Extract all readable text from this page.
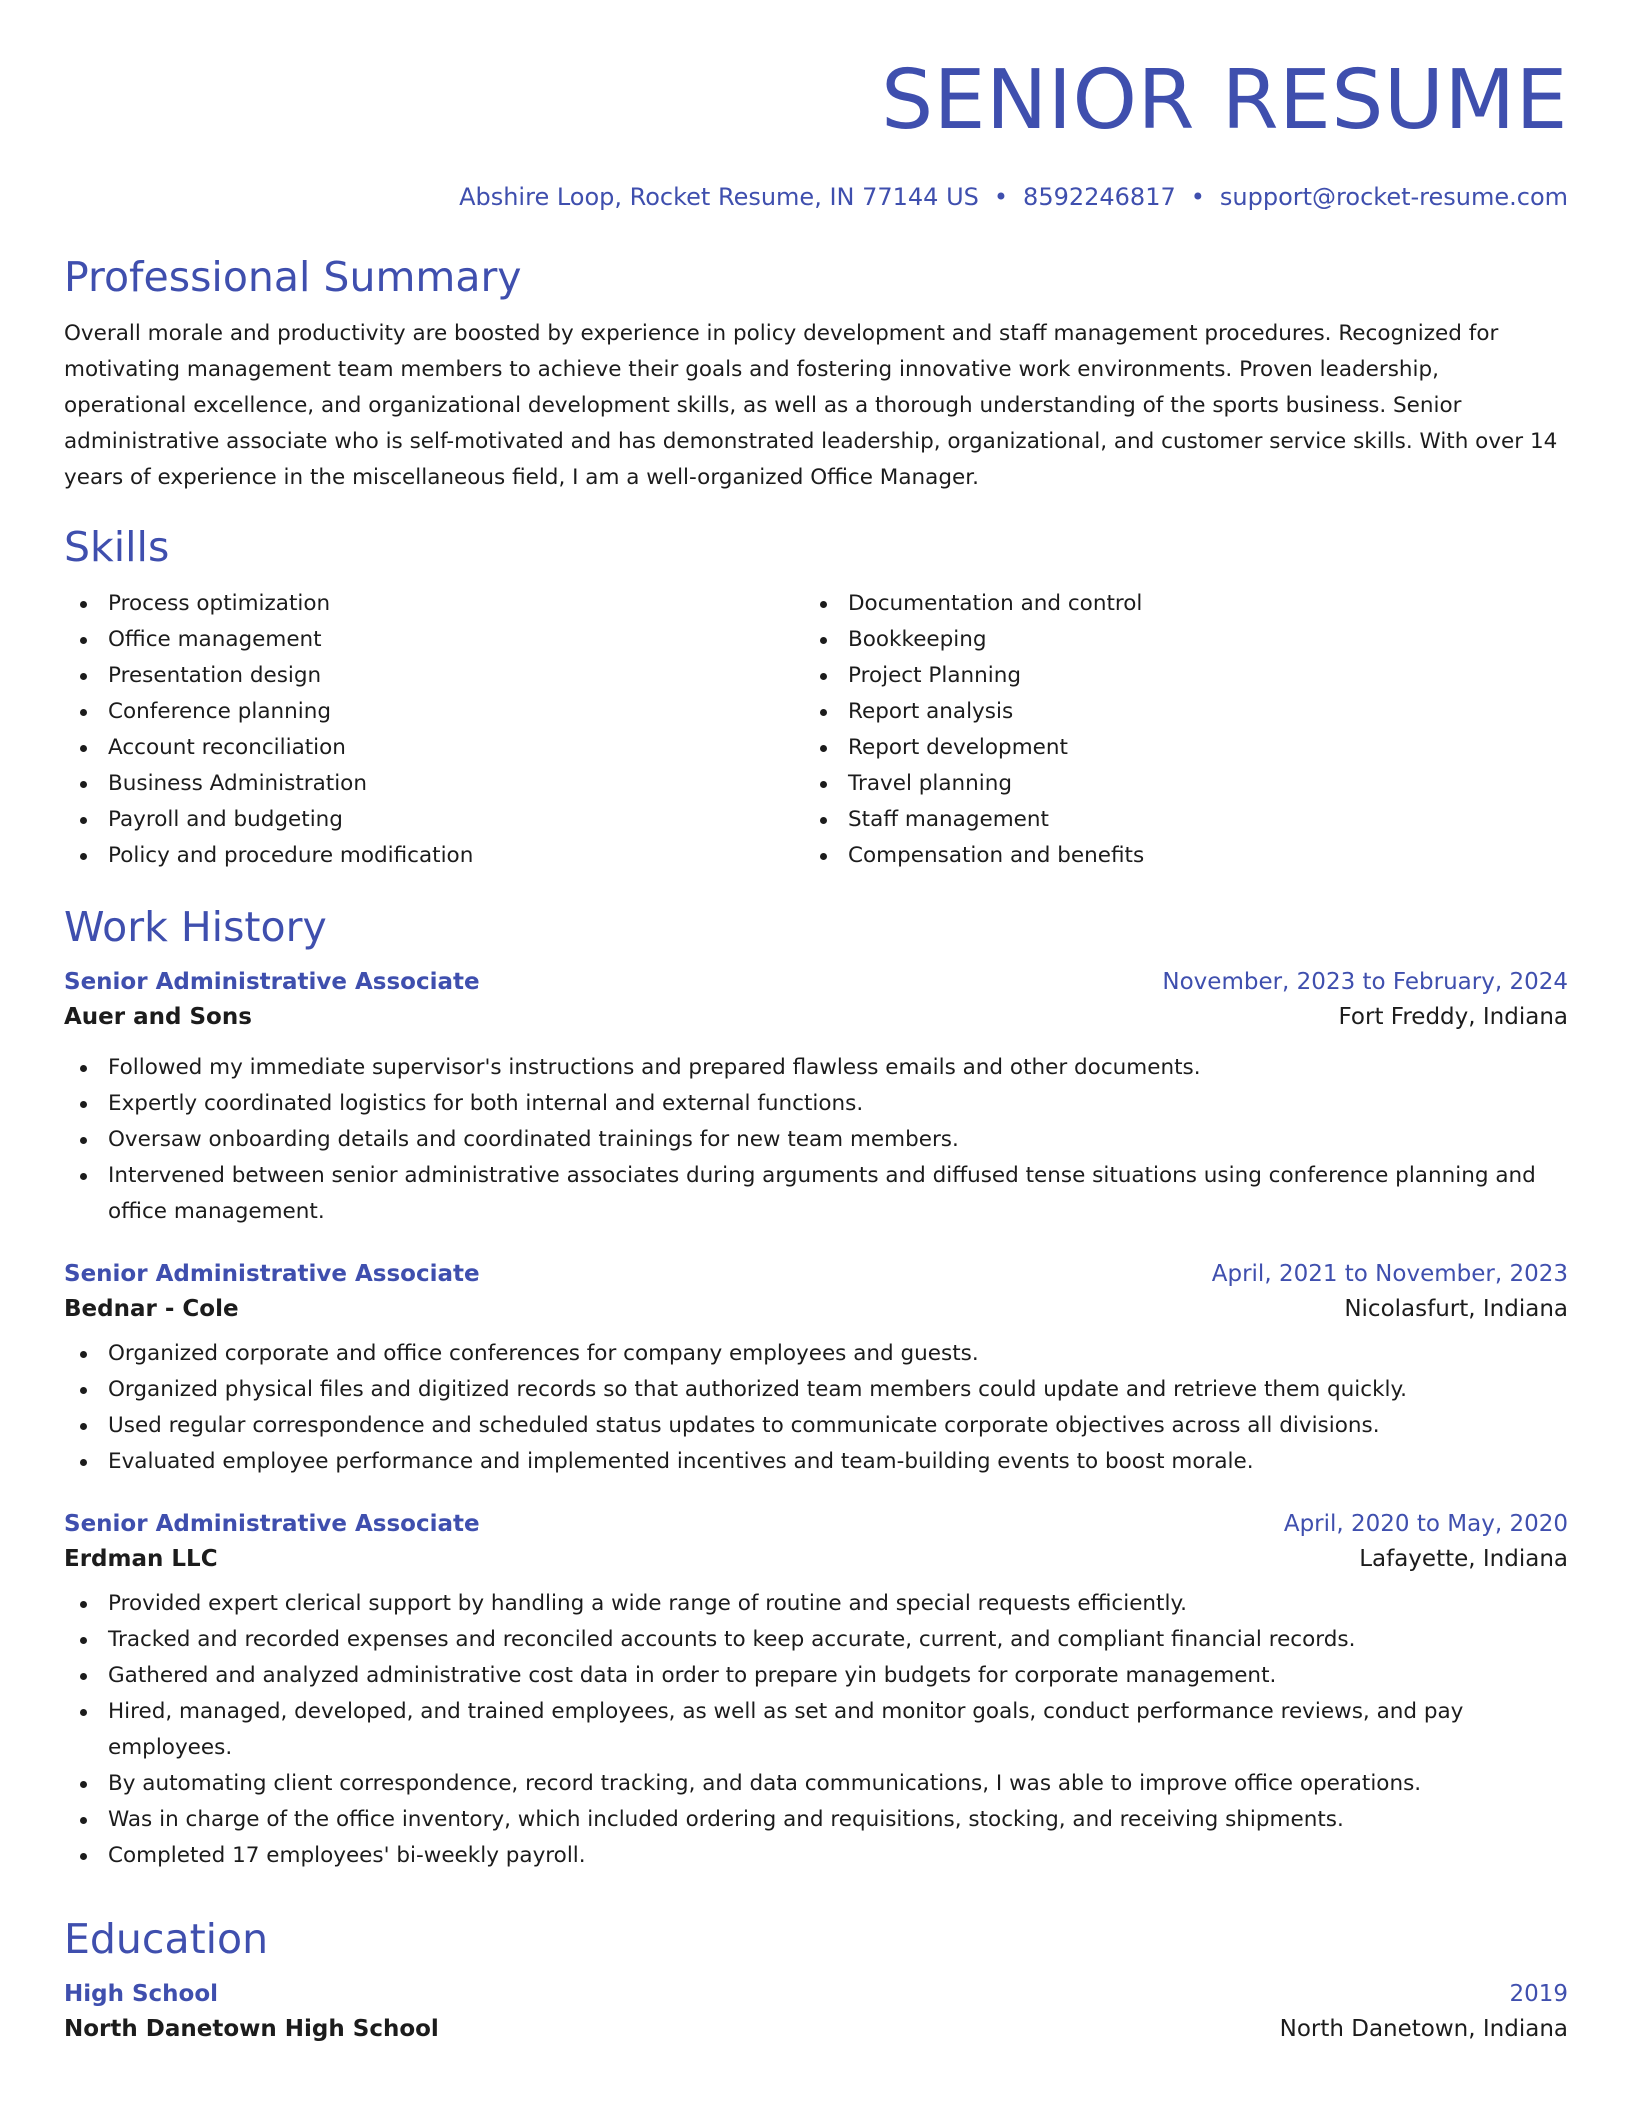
SENIOR RESUME
Abshire Loop, Rocket Resume, IN 77144 US • 8592246817 • support@rocket-resume.com
Professional Summary

Overall morale and productivity are boosted by experience in policy development and staff management procedures. Recognized for motivating management team members to achieve their goals and fostering innovative work environments. Proven leadership, operational excellence, and organizational development skills, as well as a thorough understanding of the sports business. Senior administrative associate who is self-motivated and has demonstrated leadership, organizational, and customer service skills. With over 14 years of experience in the miscellaneous field, I am a well-organized Office Manager.

Skills
Process optimization
Office management
Presentation design
Conference planning
Account reconciliation
Business Administration
Payroll and budgeting
Policy and procedure modification
Documentation and control
Bookkeeping
Project Planning
Report analysis
Report development
Travel planning
Staff management
Compensation and benefits
Work History
Senior Administrative Associate	November, 2023 to February, 2024
Auer and Sons	Fort Freddy, Indiana
Followed my immediate supervisor's instructions and prepared flawless emails and other documents.
Expertly coordinated logistics for both internal and external functions.
Oversaw onboarding details and coordinated trainings for new team members.
Intervened between senior administrative associates during arguments and diffused tense situations using conference planning and office management.
Senior Administrative Associate	April, 2021 to November, 2023
Bednar - Cole	Nicolasfurt, Indiana
Organized corporate and office conferences for company employees and guests.
Organized physical files and digitized records so that authorized team members could update and retrieve them quickly.
Used regular correspondence and scheduled status updates to communicate corporate objectives across all divisions.
Evaluated employee performance and implemented incentives and team-building events to boost morale.
Senior Administrative Associate	April, 2020 to May, 2020
Erdman LLC	Lafayette, Indiana
Provided expert clerical support by handling a wide range of routine and special requests efficiently.
Tracked and recorded expenses and reconciled accounts to keep accurate, current, and compliant financial records.
Gathered and analyzed administrative cost data in order to prepare yin budgets for corporate management.
Hired, managed, developed, and trained employees, as well as set and monitor goals, conduct performance reviews, and pay employees.
By automating client correspondence, record tracking, and data communications, I was able to improve office operations.
Was in charge of the office inventory, which included ordering and requisitions, stocking, and receiving shipments.
Completed 17 employees' bi-weekly payroll.
Education
High School	2019
North Danetown High School	North Danetown, Indiana
